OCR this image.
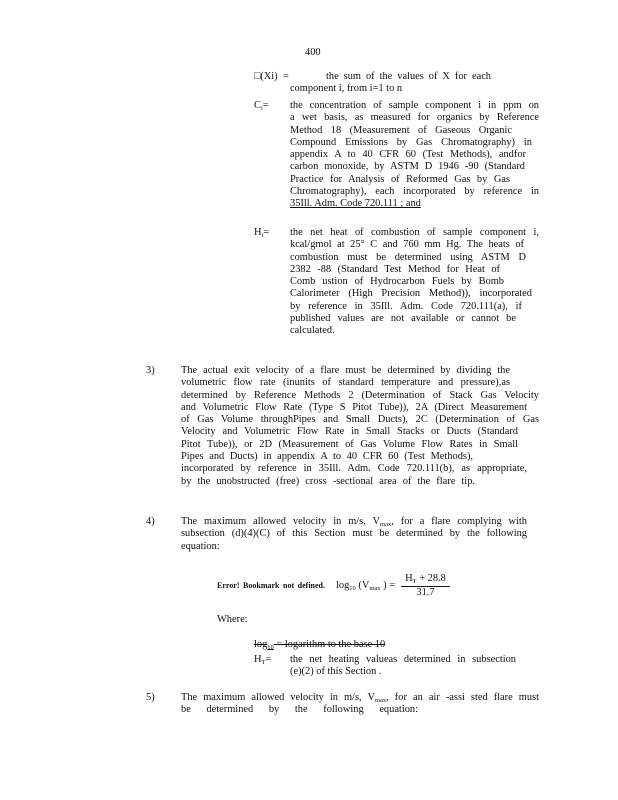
400
□(Xi) =	the sum of the values of X for each
component i, from i=1 to n
$C_i=$ the concentration of sample component i in ppm on
a wet basis, as measured for organics by Reference
Method 18 (Measurement of Gaseous Organic
Compound Emissions by Gas Chromatography) in
appendix A to 40 CFR 60 (Test Methods), andfor
carbon monoxide, by ASTM D 1946 -90 (Standard
Practice for Analysis of Reformed Gas by Gas
Chromatography), each incorporated by reference in
35Ill. Adm. Code 720.111 ; and
$H_i=$ the net heat of combustion of sample component i,
kcal/gmol at 25° C and 760 mm Hg. The heats of
combustion must be determined using ASTM D
2382 -88 (Standard Test Method for Heat of
Comb ustion of Hydrocarbon Fuels by Bomb
Calorimeter (High Precision Method)), incorporated
by reference in 35Ill. Adm. Code 720.111(a), if
published values are not available or cannot be
calculated.
3)	The actual exit velocity of a flare must be determined by dividing the
volumetric flow rate (inunits of standard temperature and pressure),as
determined by Reference Methods 2 (Determination of Stack Gas Velocity
and Volumetric Flow Rate (Type S Pitot Tube)), 2A (Direct Measurement
of Gas Volume throughPipes and Small Ducts), 2C (Determination of Gas
Velocity and Volumetric Flow Rate in Small Stacks or Ducts (Standard
Pitot Tube)), or 2D (Measurement of Gas Volume Flow Rates in Small
Pipes and Ducts) in appendix A to 40 CFR 60 (Test Methods),
incorporated by reference in 35Ill. Adm. Code 720.111(b), as appropriate,
by the unobstructed (free) cross -sectional area of the flare tip.
4)	The maximum allowed velocity in m/s, $V_{max}$, for a flare complying with
subsection (d)(4)(C) of this Section must be determined by the following
equation:
Error! Bookmark not defined. $\log_{10} (V_{max}$ ) = $\frac{H_T + 28.8}{31.7}$
Where:
$\log_{10}$ = logarithm to the base 10
$H_T=$ the net heating valueas determined in subsection
(e)(2) of this Section .
5)	The maximum allowed velocity in m/s, $V_{max}$, for an air -assi sted flare must
be determined by the following equation:
